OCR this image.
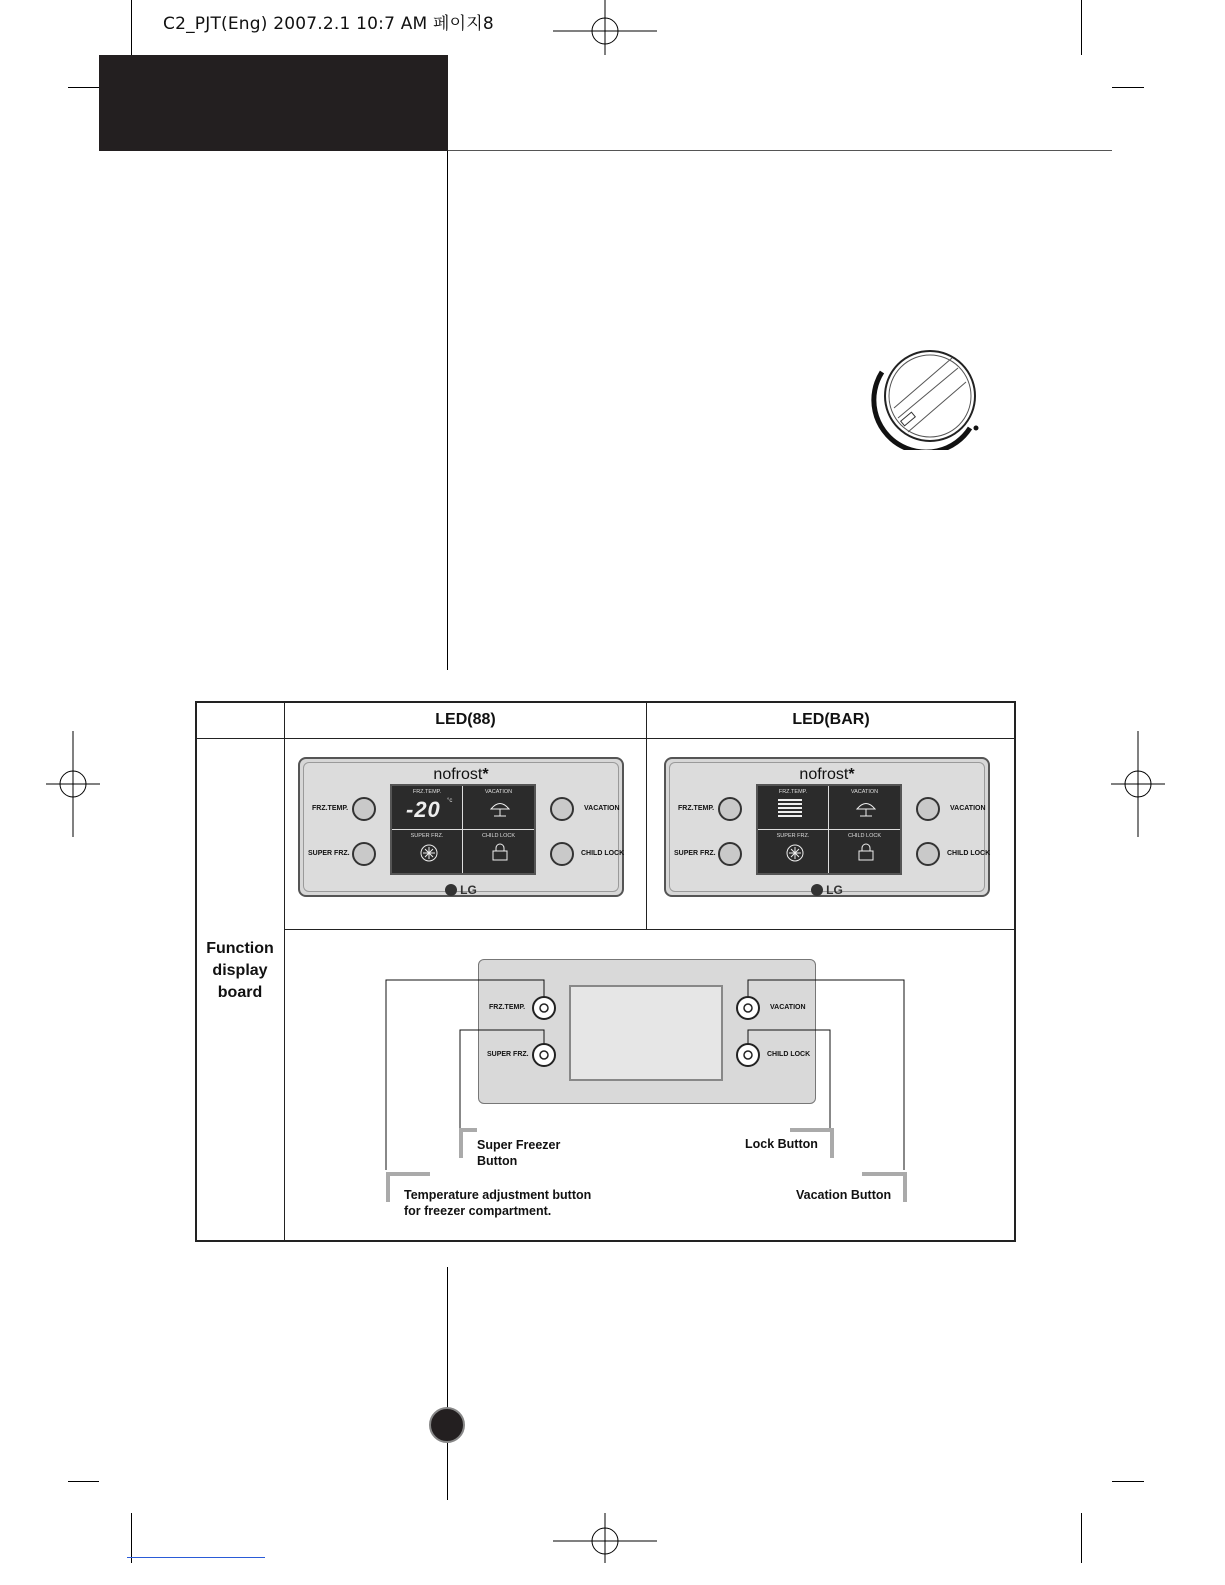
C2_PJT(Eng) 2007.2.1 10:7 AM 페이지8
LED(88)	LED(BAR)
Function
display
board
nofrost*
FRZ.TEMP.
SUPER FRZ.
VACATION
CHILD LOCK
FRZ.TEMP.
-20 °c
VACATION
SUPER FRZ.	CHILD LOCK
LG
nofrost*
FRZ.TEMP.
SUPER FRZ.
VACATION
CHILD LOCK
FRZ.TEMP.	VACATION
SUPER FRZ.	CHILD LOCK
LG
FRZ.TEMP.
SUPER FRZ.
VACATION
CHILD LOCK
Super Freezer
Button
Lock Button
Temperature adjustment button
for freezer compartment.
Vacation Button
